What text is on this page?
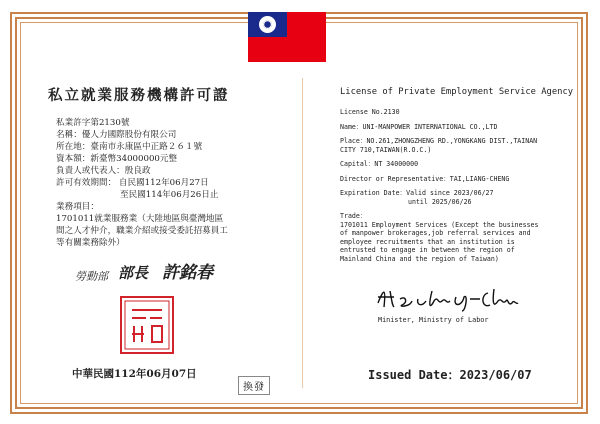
私立就業服務機構許可證	License of Private Employment Service Agency
私業許字第2130號
名稱：優人力國際股份有限公司
所在地：臺南市永康區中正路２６１號
資本額：新臺幣34000000元整
負責人或代表人：殷良政
許可有效期間： 自民國112年06月27日
至民國114年06月26日止
業務項目：
1701011就業服務業（大陸地區與臺灣地區
間之人才仲介，職業介紹或接受委託招募員工
等有關業務除外）
License No.2130
Name：UNI-MANPOWER INTERNATIONAL CO.,LTD
Place：NO.261,ZHONGZHENG RD.,YONGKANG DIST.,TAINAN
CITY 710,TAIWAN(R.O.C.)
Capital：NT 34000000
Director or Representative：TAI,LIANG-CHENG
Expiration Date：Valid since 2023/06/27
until 2025/06/26
Trade：
1701011 Employment Services (Except the businesses
of manpower brokerages,job referral services and
employee recruitments that an institution is
entrusted to engage in between the region of
Mainland China and the region of Taiwan)
勞動部 部長 許銘春
中華民國112年06月07日
換發
Minister, Ministry of Labor
Issued Date：2023/06/07
